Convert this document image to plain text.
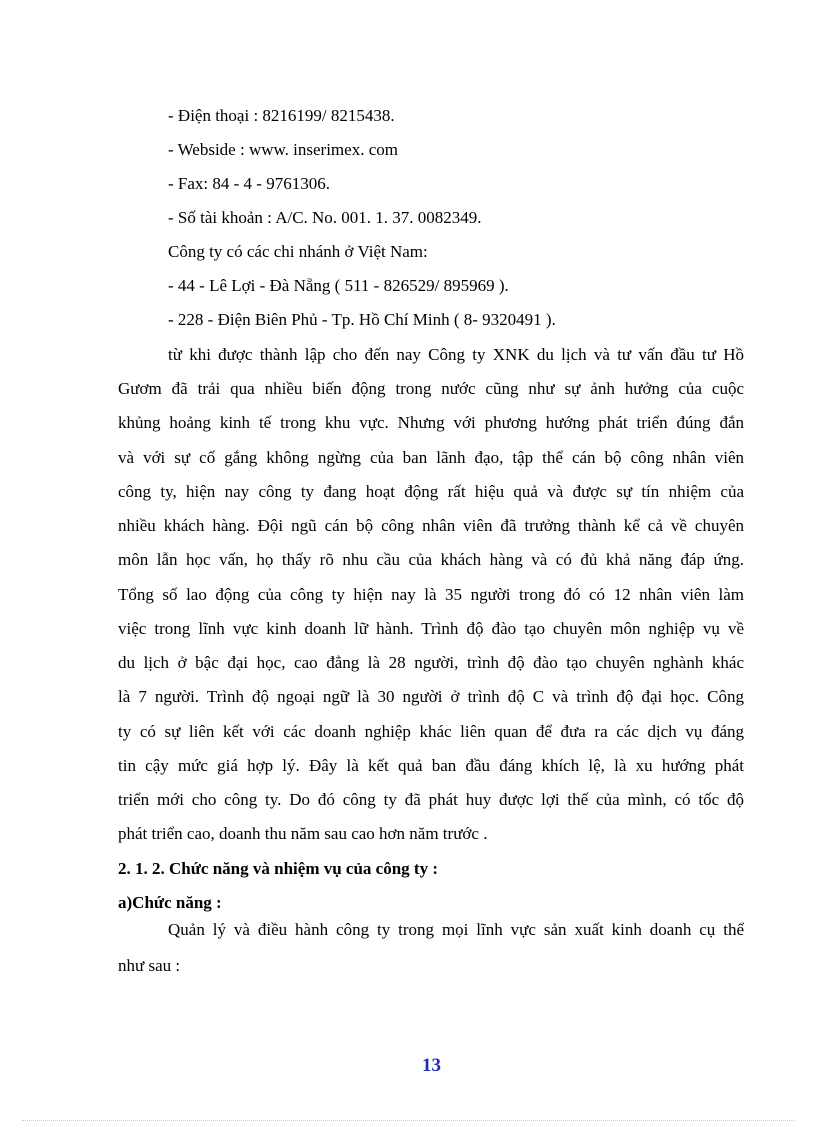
- Điện thoại : 8216199/ 8215438.
- Webside : www. inserimex. com
- Fax: 84 - 4 - 9761306.
- Số tài khoản : A/C. No. 001. 1. 37. 0082349.
Công ty có các chi nhánh ở Việt Nam:
- 44 - Lê Lợi - Đà Nẵng ( 511 - 826529/ 895969 ).
- 228 - Điện Biên Phủ - Tp. Hồ Chí Minh ( 8- 9320491 ).
từ khi được thành lập cho đến nay Công ty XNK du lịch và tư vấn đầu tư Hồ
Gươm đã trải qua nhiều biến động trong nước cũng như sự ảnh hưởng của cuộc
khủng hoảng kinh tế trong khu vực. Nhưng với phương hướng phát triển đúng đắn
và với sự cố gắng không ngừng của ban lãnh đạo, tập thể cán bộ công nhân viên
công ty, hiện nay công ty đang hoạt động rất hiệu quả và được sự tín nhiệm của
nhiều khách hàng. Đội ngũ cán bộ công nhân viên đã trưởng thành kể cả về chuyên
môn lẫn học vấn, họ thấy rõ nhu cầu của khách hàng và có đủ khả năng đáp ứng.
Tổng số lao động của công ty hiện nay là 35 người trong đó có 12 nhân viên làm
việc trong lĩnh vực kinh doanh lữ hành. Trình độ đào tạo chuyên môn nghiệp vụ về
du lịch ở bậc đại học, cao đẳng là 28 người, trình độ đào tạo chuyên nghành khác
là 7 người. Trình độ ngoại ngữ là 30 người ở trình độ C và trình độ đại học. Công
ty có sự liên kết với các doanh nghiệp khác liên quan để đưa ra các dịch vụ đáng
tin cậy mức giá hợp lý. Đây là kết quả ban đầu đáng khích lệ, là xu hướng phát
triển mới cho công ty. Do đó công ty đã phát huy được lợi thế của mình, có tốc độ
phát triển cao, doanh thu năm sau cao hơn năm trước .
2. 1. 2. Chức năng và nhiệm vụ của công ty :
a)Chức năng :
Quản lý và điều hành công ty trong mọi lĩnh vực sản xuất kinh doanh cụ thể
như sau :
13
